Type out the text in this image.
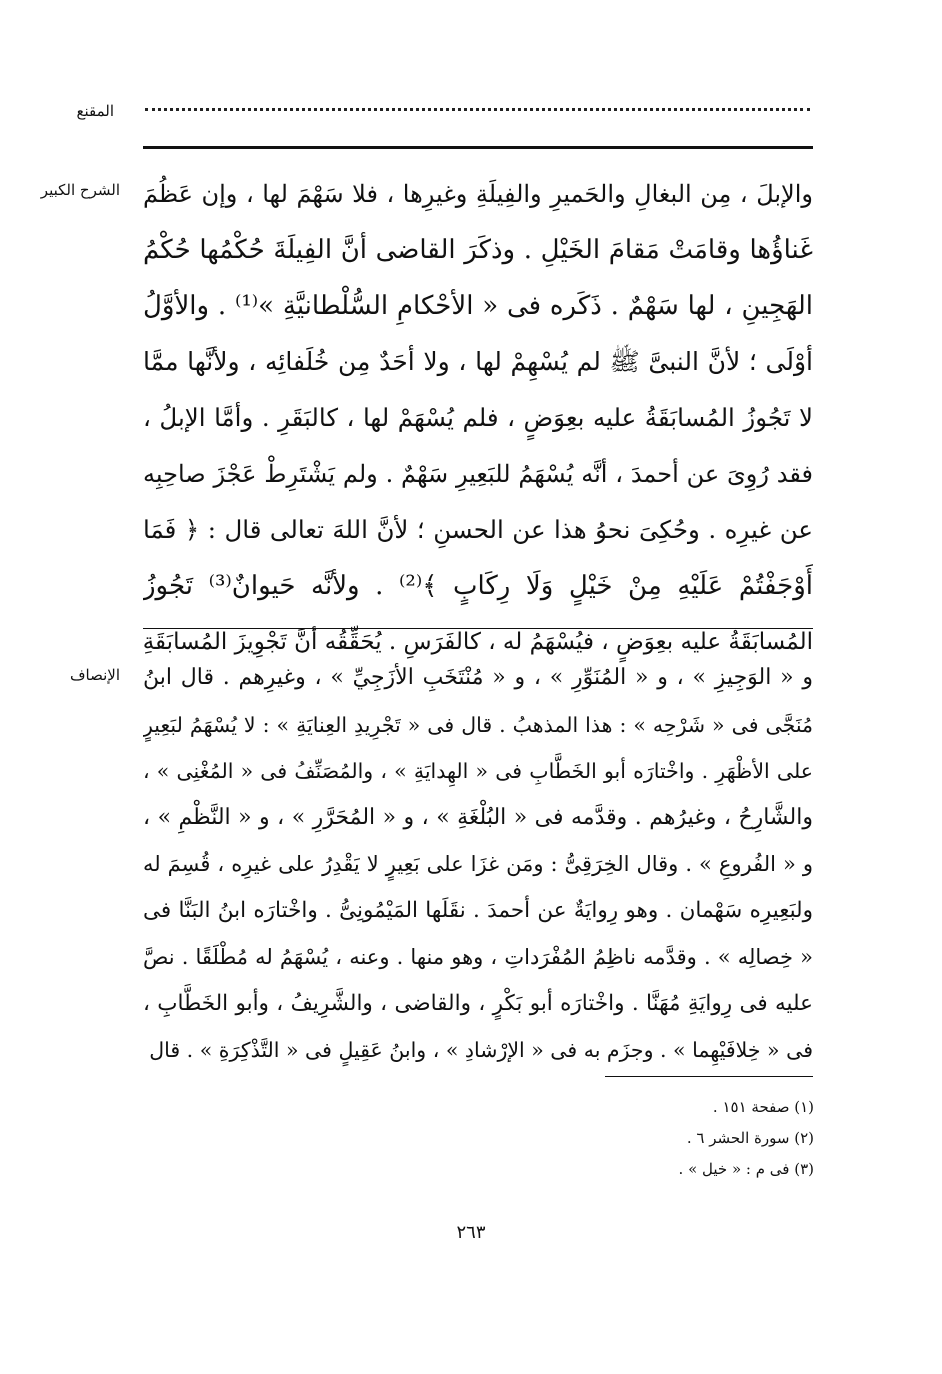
المقنع
الشرح الكبير والإبلَ ، مِن البغالِ والحَميرِ والفِيلَةِ وغيرِها ، فلا سَهْمَ لها ، وإن عَظُمَ
غَناؤُها وقامَتْ مَقامَ الخَيْلِ . وذكَرَ القاضى أنَّ الفِيلَةَ حُكْمُها حُكْمُ
الهَجِينِ ، لها سَهْمٌ . ذَكَره فى « الأحْكامِ السُّلْطانيَّةِ »⁽¹⁾ . والأوَّلُ
أوْلَى ؛ لأنَّ النبىَّ ﷺ لم يُسْهِمْ لها ، ولا أحَدٌ مِن خُلَفائِه ، ولأنَّها ممَّا
لا تَجُوزُ المُسابَقَةُ عليه بعِوَضٍ ، فلم يُسْهَمْ لها ، كالبَقَرِ . وأمَّا الإبلُ ،
فقد رُوِىَ عن أحمدَ ، أنَّه يُسْهَمُ للبَعِيرِ سَهْمٌ . ولم يَشْتَرِطْ عَجْزَ صاحِبِه
عن غيرِه . وحُكِىَ نحوُ هذا عن الحسنِ ؛ لأنَّ اللهَ تعالى قال : ﴿ فَمَا
أَوْجَفْتُمْ عَلَيْهِ مِنْ خَيْلٍ وَلَا رِكَابٍ ﴾⁽²⁾ . ولأنَّه حَيوانٌ⁽³⁾ تَجُوزُ
المُسابَقَةُ عليه بعِوَضٍ ، فيُسْهَمُ له ، كالفَرَسِ . يُحَقِّقُه أنَّ تَجْوِيزَ المُسابَقَةِ
الإنصاف و « الوَجِيزِ » ، و « المُنَوِّرِ » ، و « مُنْتَخَبِ الأزَجِيِّ » ، وغيرِهم . قال ابنُ
مُنَجَّى فى « شَرْحِه » : هذا المذهبُ . قال فى « تَجْرِيدِ العِنايَةِ » : لا يُسْهَمُ لبَعِيرٍ
على الأظْهَرِ . واخْتارَه أبو الخَطَّابِ فى « الهِدايَةِ » ، والمُصَنِّفُ فى « المُغْنِى » ،
والشَّارِحُ ، وغيرُهم . وقدَّمه فى « البُلْغَةِ » ، و « المُحَرَّرِ » ، و « النَّظْمِ » ،
و « الفُروعِ » . وقال الخِرَقِىُّ : ومَن غزَا على بَعِيرٍ لا يَقْدِرُ على غيرِه ، قُسِمَ له
ولبَعِيرِه سَهْمان . وهو رِوايَةٌ عن أحمدَ . نقَلَها المَيْمُونِىُّ . واخْتارَه ابنُ البَنَّا فى
« خِصالِه » . وقدَّمه ناظِمُ المُفْرَداتِ ، وهو منها . وعنه ، يُسْهَمُ له مُطْلَقًا . نصَّ
عليه فى رِوايَةِ مُهَنَّا . واخْتارَه أبو بَكْرٍ ، والقاضى ، والشَّرِيفُ ، وأبو الخَطَّابِ ،
فى « خِلافَيْهِما » . وجزَم به فى « الإرْشادِ » ، وابنُ عَقِيلٍ فى « التَّذْكِرَةِ » . قال
(١) صفحة ١٥١ .
(٢) سورة الحشر ٦ .
(٣) فى م : « خيل » .
٢٦٣
